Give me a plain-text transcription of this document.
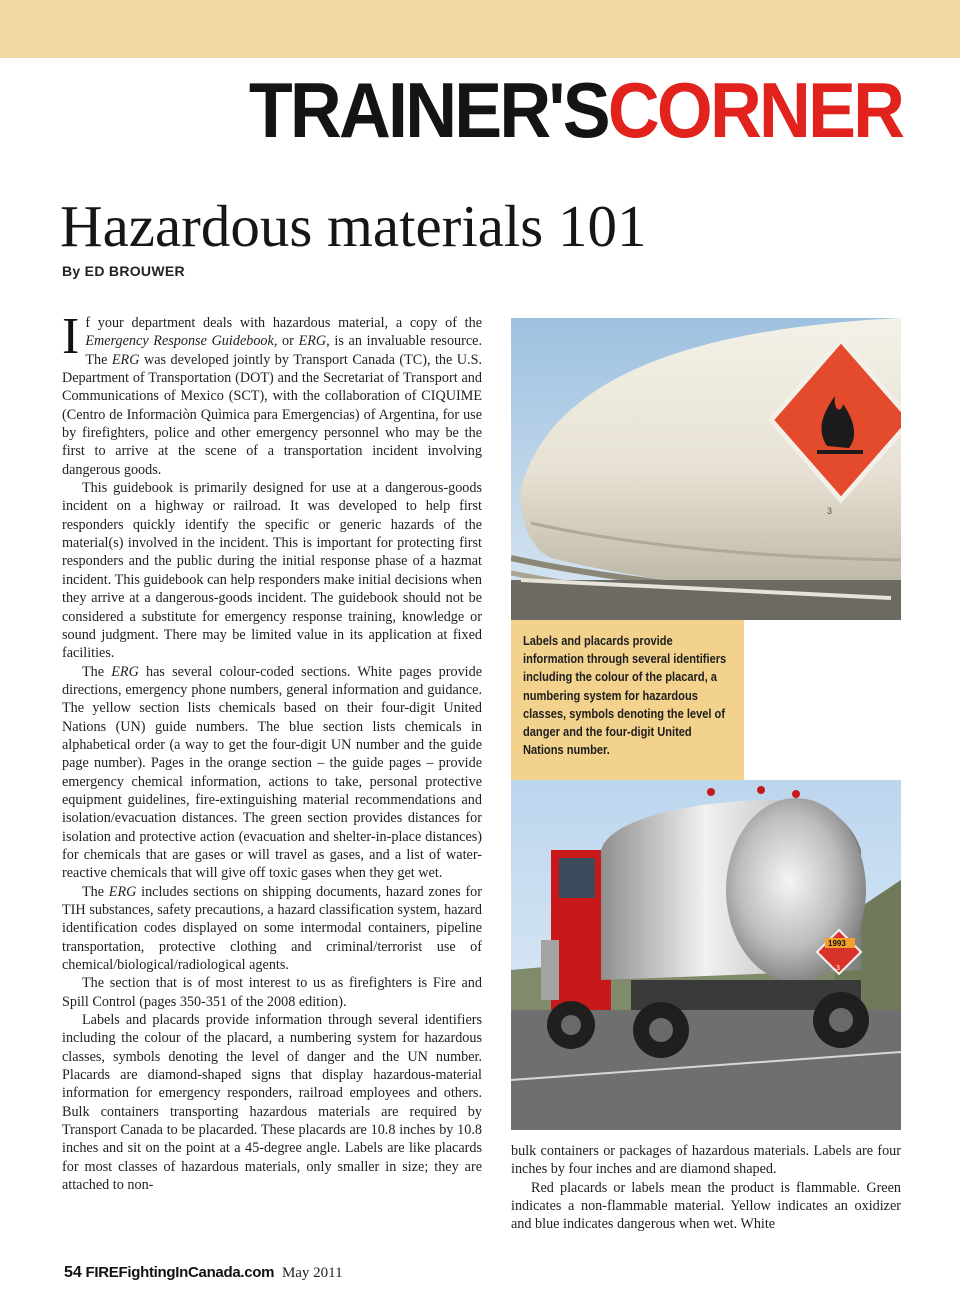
TRAINER'SCORNER
Hazardous materials 101
By ED BROUWER

If your department deals with hazardous material, a copy of the Emergency Response Guidebook, or ERG, is an invaluable resource. The ERG was developed jointly by Transport Canada (TC), the U.S. Department of Transportation (DOT) and the Secretariat of Transport and Communications of Mexico (SCT), with the collaboration of CIQUIME (Centro de Informaciòn Quìmica para Emergencias) of Argentina, for use by firefighters, police and other emergency personnel who may be the first to arrive at the scene of a transportation incident involving dangerous goods.

This guidebook is primarily designed for use at a dangerous-goods incident on a highway or railroad. It was developed to help first responders quickly identify the specific or generic hazards of the material(s) involved in the incident. This is important for protecting first responders and the public during the initial response phase of a hazmat incident. This guidebook can help responders make initial decisions when they arrive at a dangerous-goods incident. The guidebook should not be considered a substitute for emergency response training, knowledge or sound judgment. There may be limited value in its application at fixed facilities.

The ERG has several colour-coded sections. White pages provide directions, emergency phone numbers, general information and guidance. The yellow section lists chemicals based on their four-digit United Nations (UN) guide numbers. The blue section lists chemicals in alphabetical order (a way to get the four-digit UN number and the guide page number). Pages in the orange section – the guide pages – provide emergency chemical information, actions to take, personal protective equipment guidelines, fire-extinguishing material recommendations and isolation/evacuation distances. The green section provides distances for isolation and protective action (evacuation and shelter-in-place distances) for chemicals that are gases or will travel as gases, and a list of water-reactive chemicals that will give off toxic gases when they get wet.

The ERG includes sections on shipping documents, hazard zones for TIH substances, safety precautions, a hazard classification system, hazard identification codes displayed on some intermodal containers, pipeline transportation, protective clothing and criminal/terrorist use of chemical/biological/radiological agents.

The section that is of most interest to us as firefighters is Fire and Spill Control (pages 350-351 of the 2008 edition).

Labels and placards provide information through several identifiers including the colour of the placard, a numbering system for hazardous classes, symbols denoting the level of danger and the UN number. Placards are diamond-shaped signs that display hazardous-material information for emergency responders, railroad employees and others. Bulk containers transporting hazardous materials are required by Transport Canada to be placarded. These placards are 10.8 inches by 10.8 inches and sit on the point at a 45-degree angle. Labels are like placards for most classes of hazardous materials, only smaller in size; they are attached to non-

3
Labels and placards provide information through several identifiers including the colour of the placard, a numbering system for hazardous classes, symbols denoting the level of danger and the four-digit United Nations number.
1993
3

bulk containers or packages of hazardous materials. Labels are four inches by four inches and are diamond shaped.

Red placards or labels mean the product is flammable. Green indicates a non-flammable material. Yellow indicates an oxidizer and blue indicates dangerous when wet. White

54 FIREFightingInCanada.com May 2011
